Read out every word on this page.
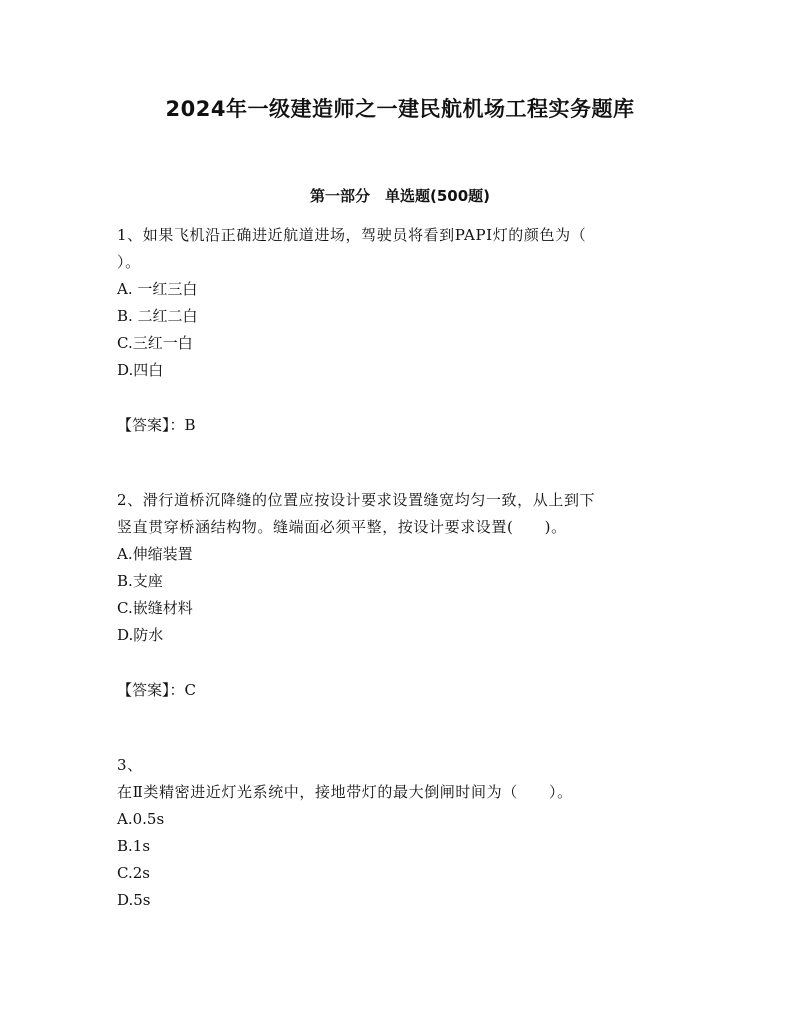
2024年一级建造师之一建民航机场工程实务题库
第一部分　单选题(500题)

1、如果飞机沿正确进近航道进场，驾驶员将看到PAPI灯的颜色为（
）。

A. 一红三白

B. 二红二白

C.三红一白

D.四白

【答案】：B

2、滑行道桥沉降缝的位置应按设计要求设置缝宽均匀一致，从上到下
竖直贯穿桥涵结构物。缝端面必须平整，按设计要求设置(　　)。

A.伸缩装置

B.支座

C.嵌缝材料

D.防水

【答案】：C

3、
在Ⅱ类精密进近灯光系统中，接地带灯的最大倒闸时间为（　　）。

A.0.5s

B.1s

C.2s

D.5s
